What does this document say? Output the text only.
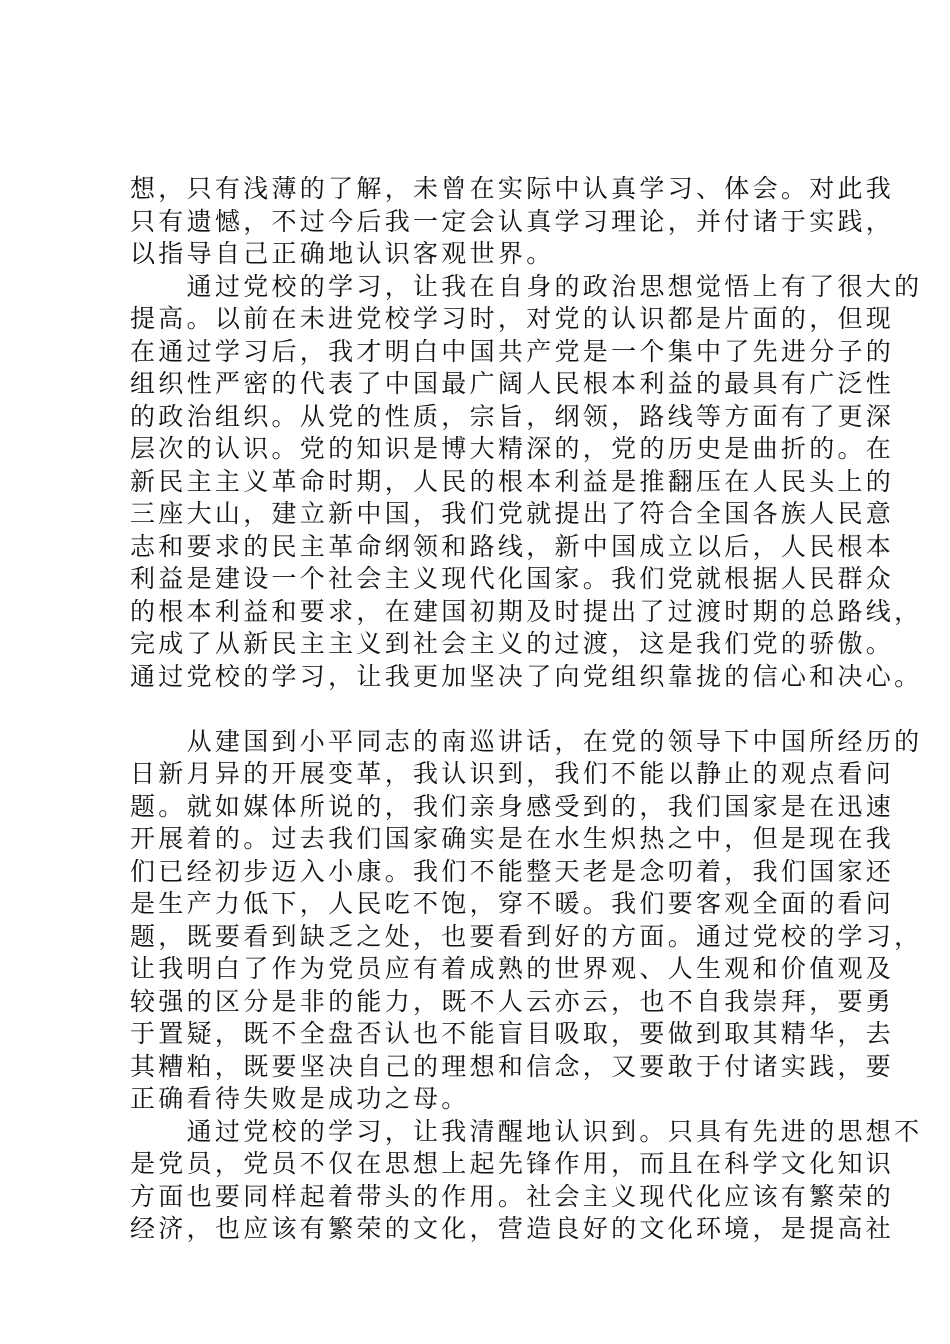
想，只有浅薄的了解，未曾在实际中认真学习、体会。对此我
只有遗憾，不过今后我一定会认真学习理论，并付诸于实践，
以指导自己正确地认识客观世界。
　　通过党校的学习，让我在自身的政治思想觉悟上有了很大的
提高。以前在未进党校学习时，对党的认识都是片面的，但现
在通过学习后，我才明白中国共产党是一个集中了先进分子的
组织性严密的代表了中国最广阔人民根本利益的最具有广泛性
的政治组织。从党的性质，宗旨，纲领，路线等方面有了更深
层次的认识。党的知识是博大精深的，党的历史是曲折的。在
新民主主义革命时期，人民的根本利益是推翻压在人民头上的
三座大山，建立新中国，我们党就提出了符合全国各族人民意
志和要求的民主革命纲领和路线，新中国成立以后，人民根本
利益是建设一个社会主义现代化国家。我们党就根据人民群众
的根本利益和要求，在建国初期及时提出了过渡时期的总路线，
完成了从新民主主义到社会主义的过渡，这是我们党的骄傲。
通过党校的学习，让我更加坚决了向党组织靠拢的信心和决心。
　　从建国到小平同志的南巡讲话，在党的领导下中国所经历的
日新月异的开展变革，我认识到，我们不能以静止的观点看问
题。就如媒体所说的，我们亲身感受到的，我们国家是在迅速
开展着的。过去我们国家确实是在水生炽热之中，但是现在我
们已经初步迈入小康。我们不能整天老是念叨着，我们国家还
是生产力低下，人民吃不饱，穿不暖。我们要客观全面的看问
题，既要看到缺乏之处，也要看到好的方面。通过党校的学习，
让我明白了作为党员应有着成熟的世界观、人生观和价值观及
较强的区分是非的能力，既不人云亦云，也不自我崇拜，要勇
于置疑，既不全盘否认也不能盲目吸取，要做到取其精华，去
其糟粕，既要坚决自己的理想和信念，又要敢于付诸实践，要
正确看待失败是成功之母。
　　通过党校的学习，让我清醒地认识到。只具有先进的思想不
是党员，党员不仅在思想上起先锋作用，而且在科学文化知识
方面也要同样起着带头的作用。社会主义现代化应该有繁荣的
经济，也应该有繁荣的文化，营造良好的文化环境，是提高社
